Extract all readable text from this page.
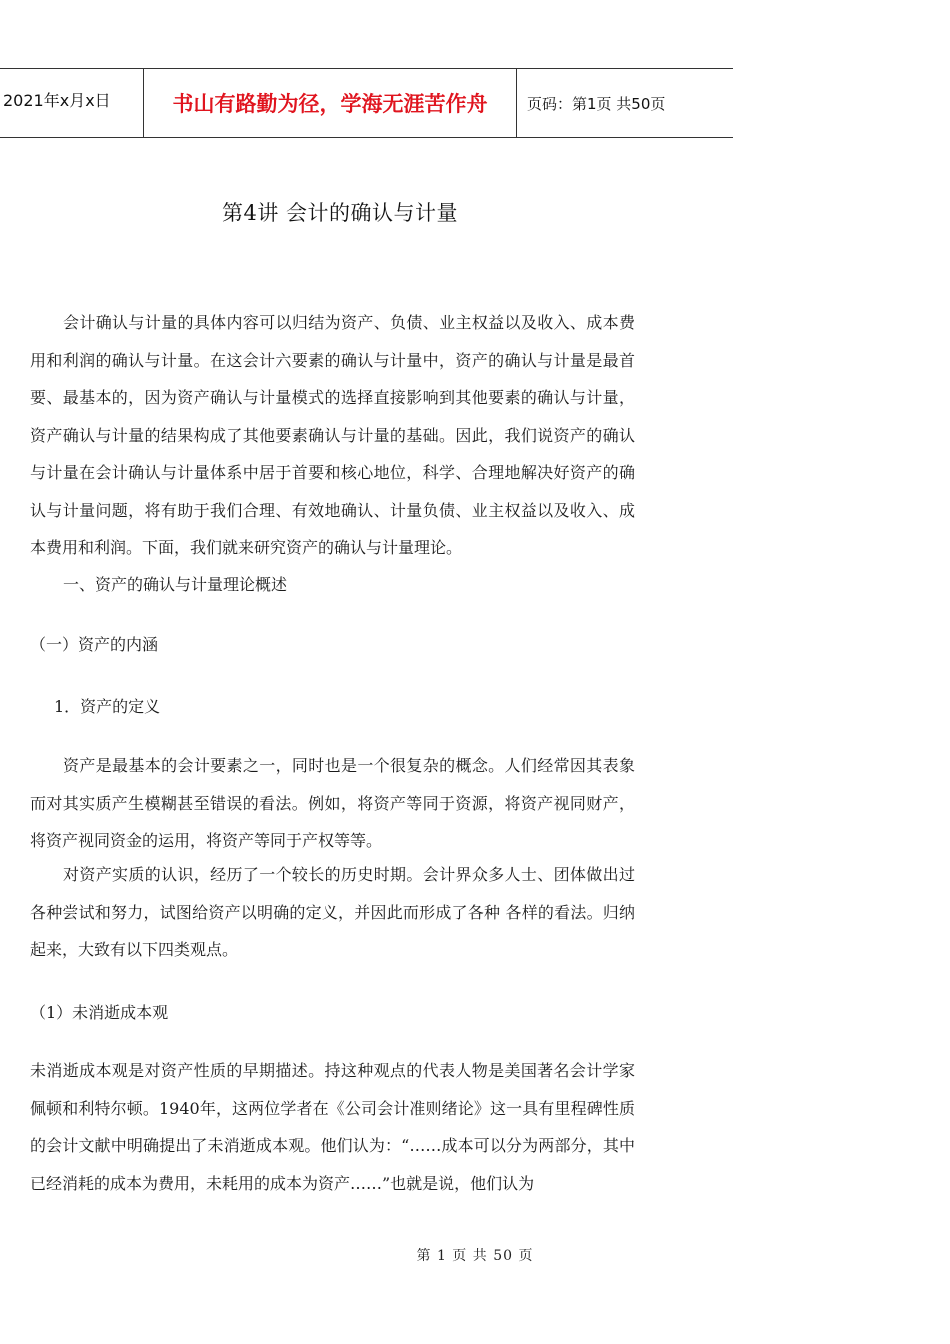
2021年x月x日	书山有路勤为径，学海无涯苦作舟	页码：第1页 共50页
第4讲 会计的确认与计量
会计确认与计量的具体内容可以归结为资产、负债、业主权益以及收入、成本费用和利润的确认与计量。在这会计六要素的确认与计量中，资产的确认与计量是最首要、最基本的，因为资产确认与计量模式的选择直接影响到其他要素的确认与计量，资产确认与计量的结果构成了其他要素确认与计量的基础。因此，我们说资产的确认与计量在会计确认与计量体系中居于首要和核心地位，科学、合理地解决好资产的确认与计量问题，将有助于我们合理、有效地确认、计量负债、业主权益以及收入、成本费用和利润。下面，我们就来研究资产的确认与计量理论。
一、资产的确认与计量理论概述
（一）资产的内涵
1．资产的定义
资产是最基本的会计要素之一，同时也是一个很复杂的概念。人们经常因其表象而对其实质产生模糊甚至错误的看法。例如，将资产等同于资源，将资产视同财产，将资产视同资金的运用，将资产等同于产权等等。
对资产实质的认识，经历了一个较长的历史时期。会计界众多人士、团体做出过各种尝试和努力，试图给资产以明确的定义，并因此而形成了各种 各样的看法。归纳起来，大致有以下四类观点。
（1）未消逝成本观
未消逝成本观是对资产性质的早期描述。持这种观点的代表人物是美国著名会计学家佩顿和利特尔顿。1940年，这两位学者在《公司会计准则绪论》这一具有里程碑性质的会计文献中明确提出了未消逝成本观。他们认为：“……成本可以分为两部分，其中已经消耗的成本为费用，未耗用的成本为资产……”也就是说，他们认为
第 1 页 共 50 页
